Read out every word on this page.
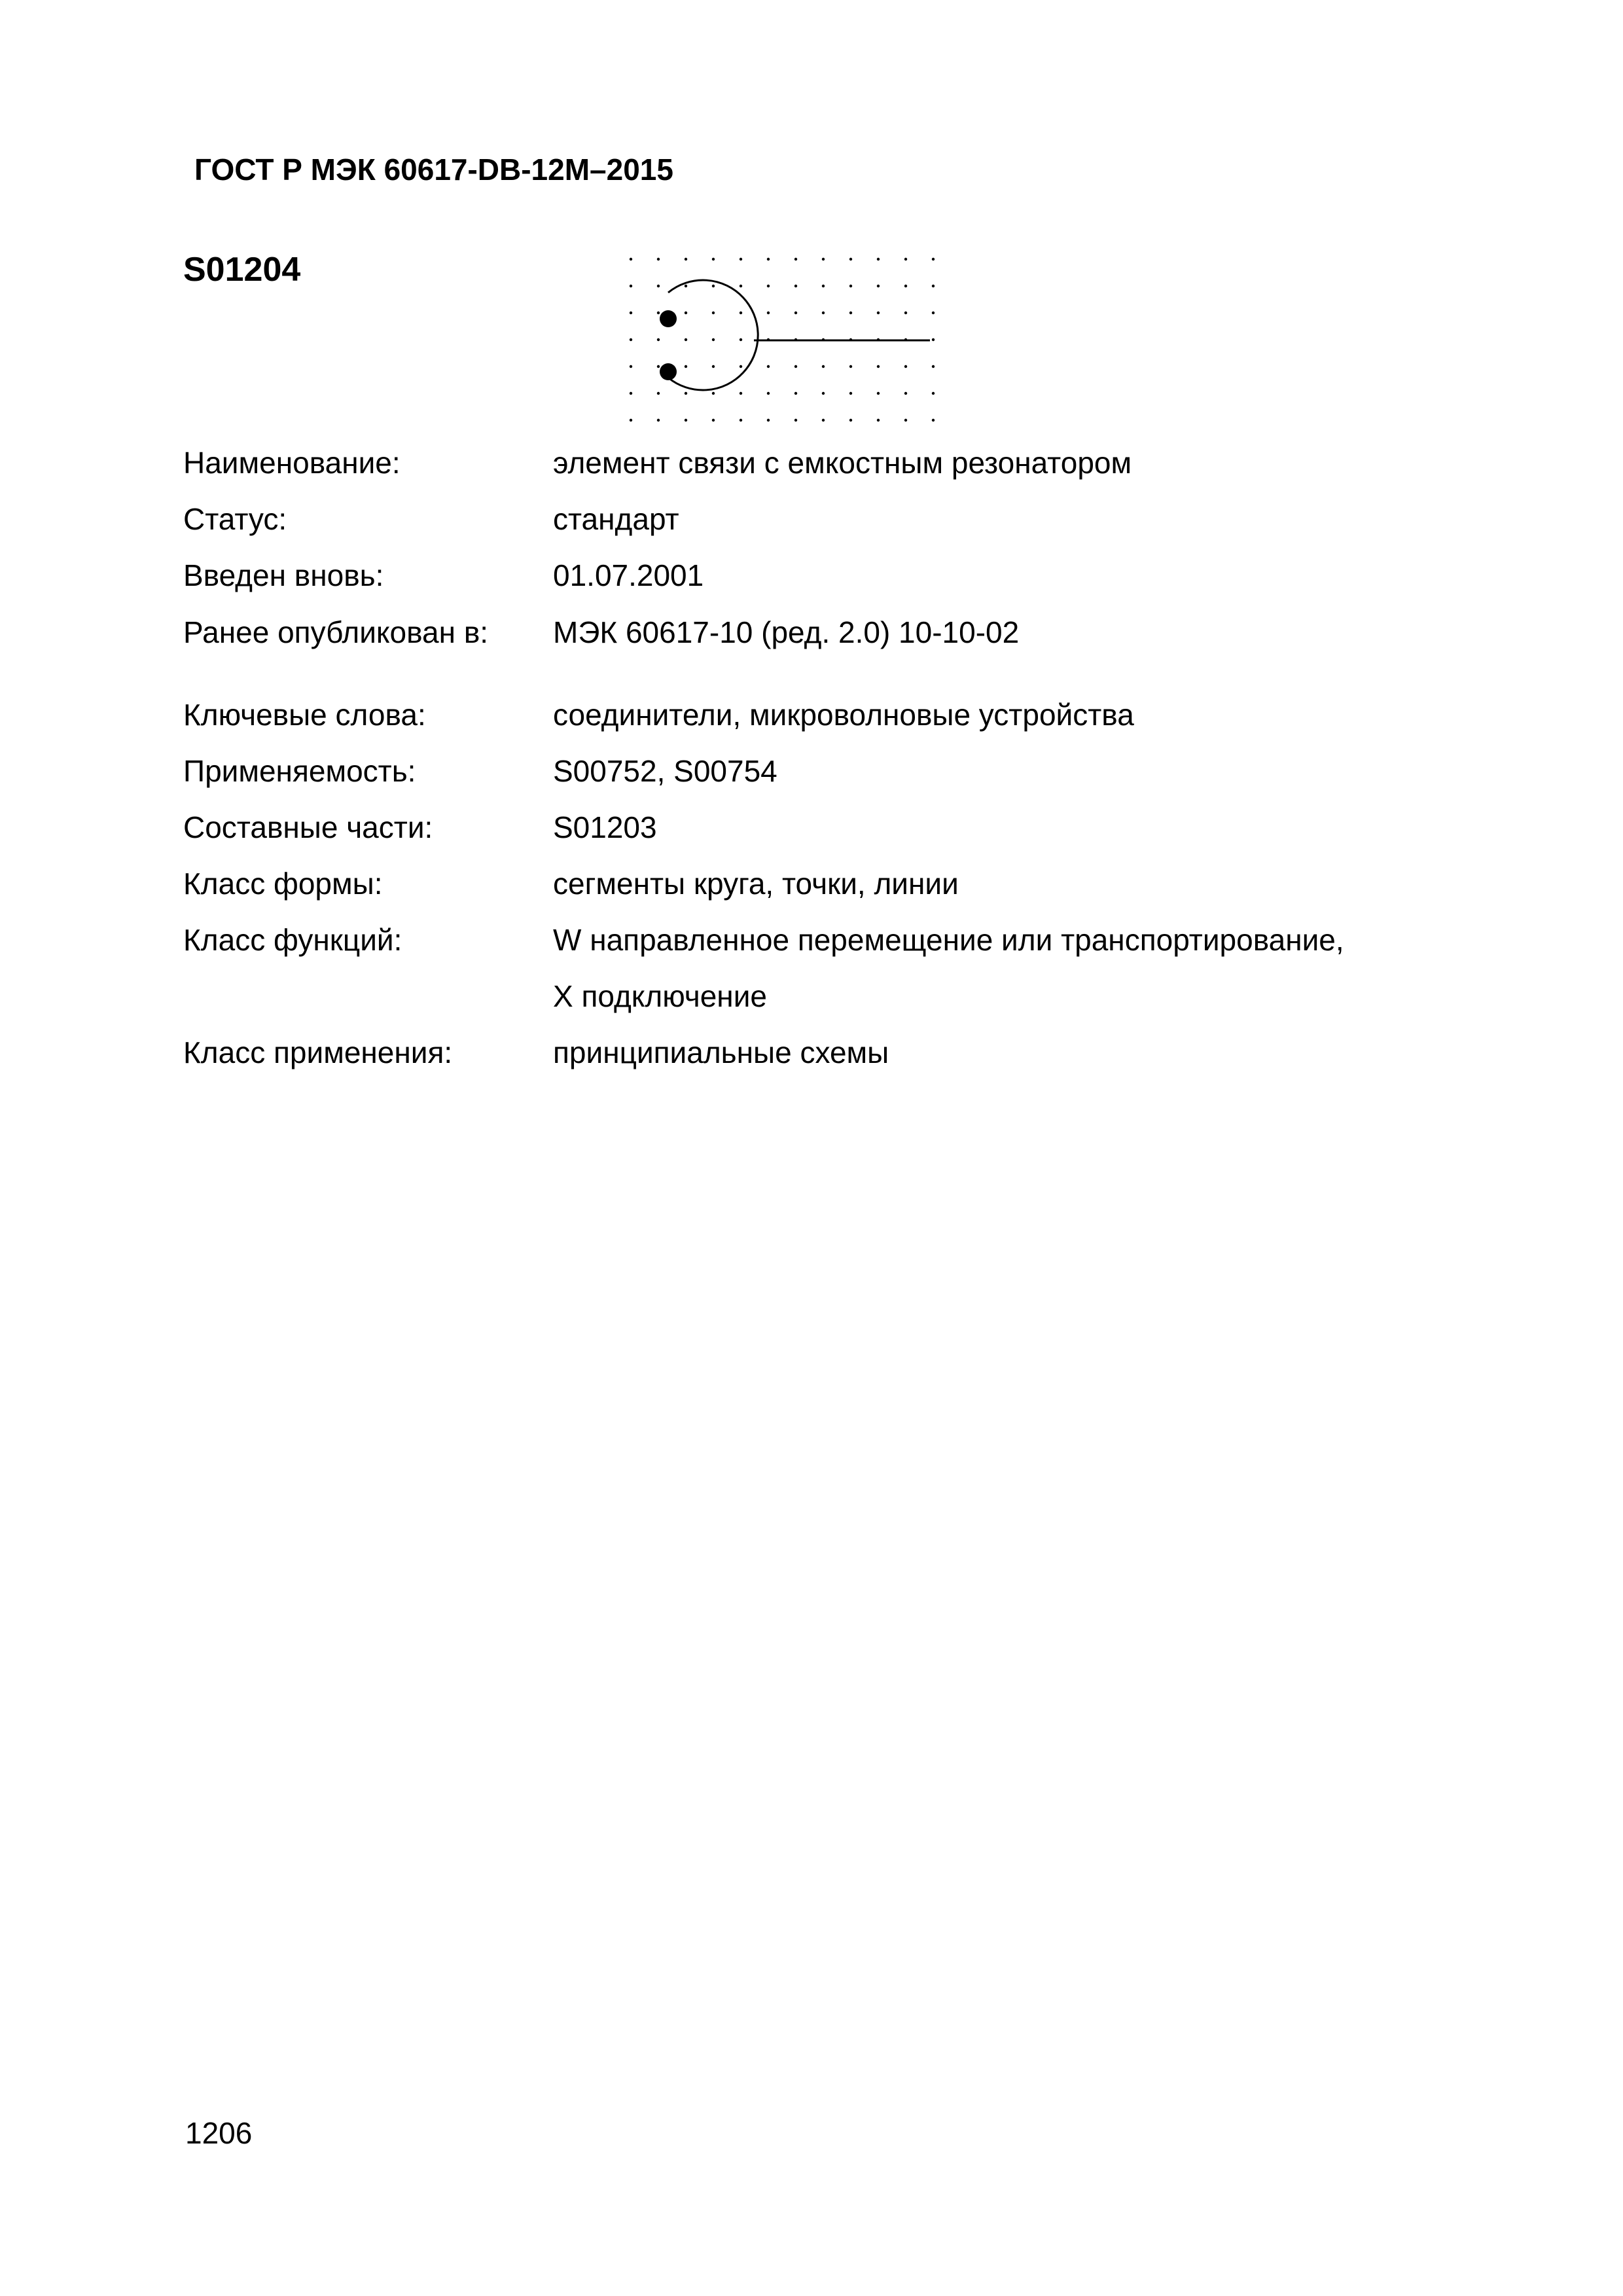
ГОСТ Р МЭК 60617-DB-12M–2015
S01204
Наименование:	элемент связи с емкостным резонатором
Статус:	стандарт
Введен вновь:	01.07.2001
Ранее опубликован в: МЭК 60617-10 (ред. 2.0) 10-10-02
Ключевые слова:	соединители, микроволновые устройства
Применяемость:	S00752, S00754
Составные части:	S01203
Класс формы:	сегменты круга, точки, линии
Класс функций:	W направленное перемещение или транспортирование,
X подключение
Класс применения:	принципиальные схемы
1206
